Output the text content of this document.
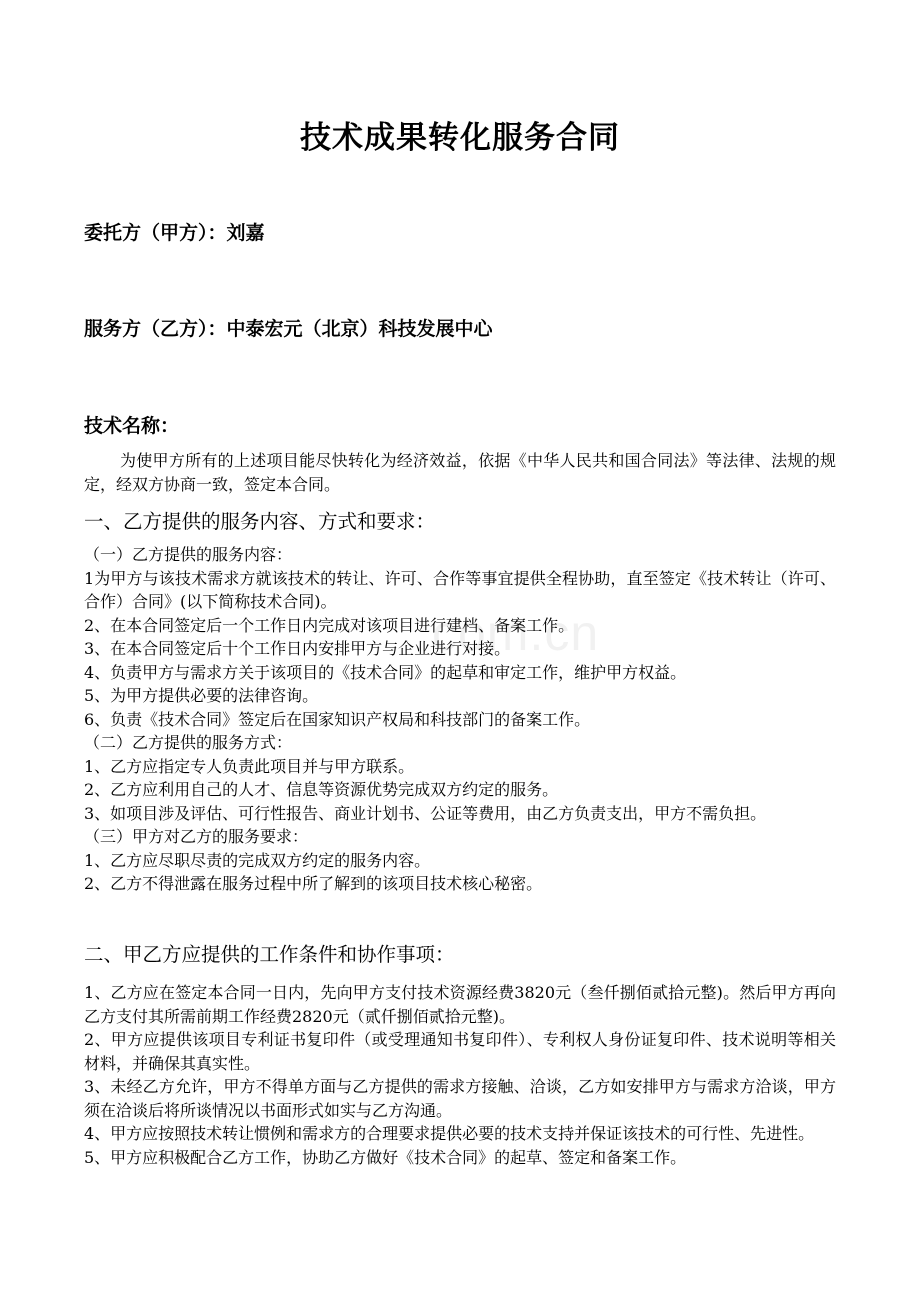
com.cn
技术成果转化服务合同
委托方（甲方）：刘嘉
服务方（乙方）：中泰宏元（北京）科技发展中心
技术名称：

为使甲方所有的上述项目能尽快转化为经济效益，依据《中华人民共和国合同法》等法律、法规的规定，经双方协商一致，签定本合同。

一、乙方提供的服务内容、方式和要求：

（一）乙方提供的服务内容：

1为甲方与该技术需求方就该技术的转让、许可、合作等事宜提供全程协助，直至签定《技术转让（许可、合作）合同》(以下简称技术合同)。

2、在本合同签定后一个工作日内完成对该项目进行建档、备案工作。

3、在本合同签定后十个工作日内安排甲方与企业进行对接。

4、负责甲方与需求方关于该项目的《技术合同》的起草和审定工作，维护甲方权益。

5、为甲方提供必要的法律咨询。

6、负责《技术合同》签定后在国家知识产权局和科技部门的备案工作。

（二）乙方提供的服务方式：

1、乙方应指定专人负责此项目并与甲方联系。

2、乙方应利用自己的人才、信息等资源优势完成双方约定的服务。

3、如项目涉及评估、可行性报告、商业计划书、公证等费用，由乙方负责支出，甲方不需负担。

（三）甲方对乙方的服务要求：

1、乙方应尽职尽责的完成双方约定的服务内容。

2、乙方不得泄露在服务过程中所了解到的该项目技术核心秘密。

二、甲乙方应提供的工作条件和协作事项：

1、乙方应在签定本合同一日内，先向甲方支付技术资源经费3820元（叁仟捌佰贰拾元整)。然后甲方再向乙方支付其所需前期工作经费2820元（贰仟捌佰贰拾元整)。

2、甲方应提供该项目专利证书复印件（或受理通知书复印件）、专利权人身份证复印件、技术说明等相关材料，并确保其真实性。

3、未经乙方允许，甲方不得单方面与乙方提供的需求方接触、洽谈，乙方如安排甲方与需求方洽谈，甲方须在洽谈后将所谈情况以书面形式如实与乙方沟通。

4、甲方应按照技术转让惯例和需求方的合理要求提供必要的技术支持并保证该技术的可行性、先进性。

5、甲方应积极配合乙方工作，协助乙方做好《技术合同》的起草、签定和备案工作。
